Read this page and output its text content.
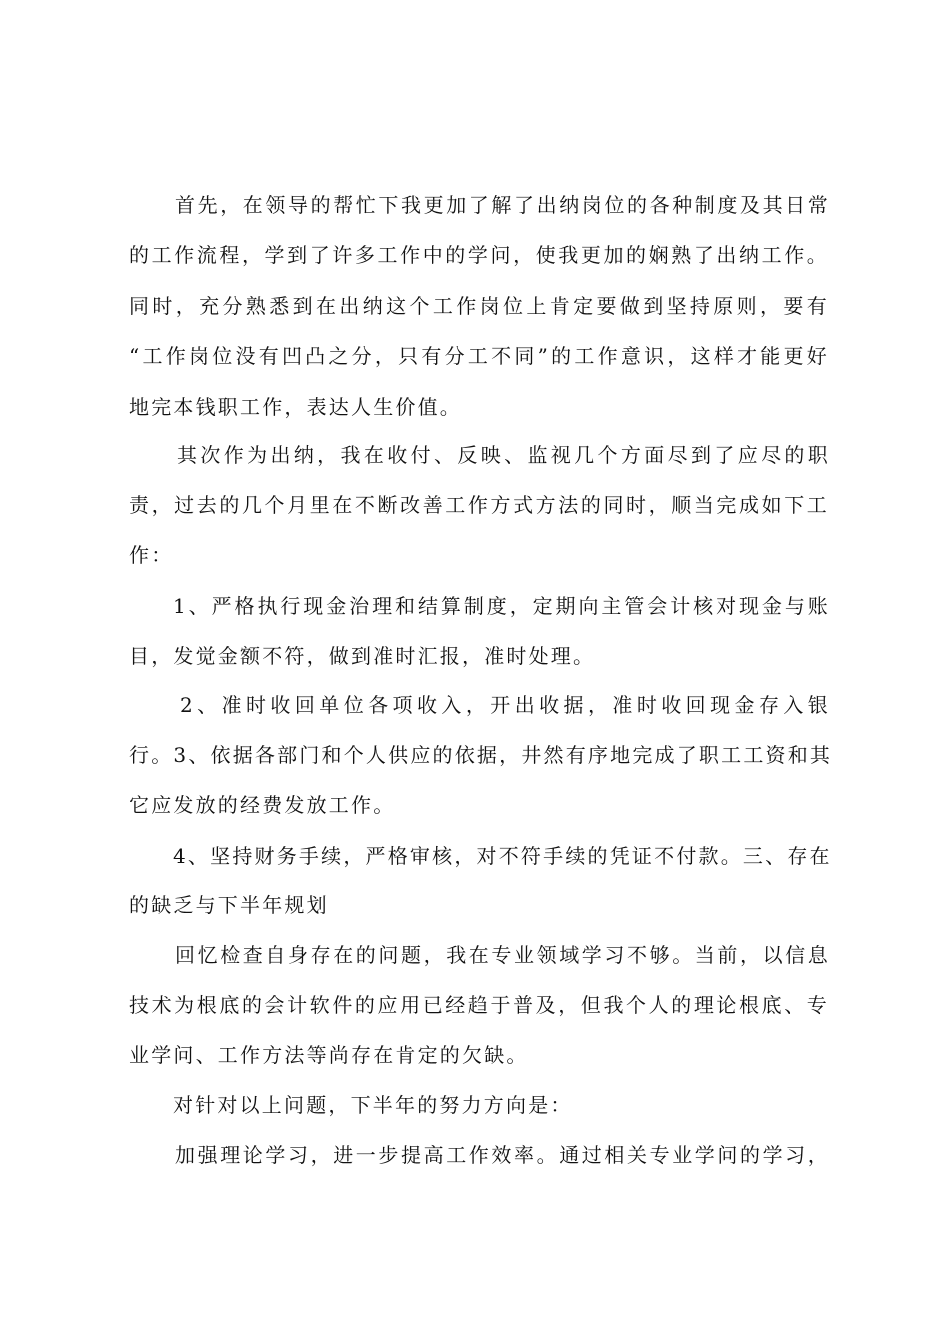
首先，在领导的帮忙下我更加了解了出纳岗位的各种制度及其日常
的工作流程，学到了许多工作中的学问，使我更加的娴熟了出纳工作。
同时，充分熟悉到在出纳这个工作岗位上肯定要做到坚持原则，要有
“工作岗位没有凹凸之分，只有分工不同”的工作意识，这样才能更好
地完本钱职工作，表达人生价值。
其次作为出纳，我在收付、反映、监视几个方面尽到了应尽的职
责，过去的几个月里在不断改善工作方式方法的同时，顺当完成如下工
作：
1、严格执行现金治理和结算制度，定期向主管会计核对现金与账
目，发觉金额不符，做到准时汇报，准时处理。
2、准时收回单位各项收入，开出收据，准时收回现金存入银
行。3、依据各部门和个人供应的依据，井然有序地完成了职工工资和其
它应发放的经费发放工作。
4、坚持财务手续，严格审核，对不符手续的凭证不付款。三、存在
的缺乏与下半年规划
回忆检查自身存在的问题，我在专业领域学习不够。当前，以信息
技术为根底的会计软件的应用已经趋于普及，但我个人的理论根底、专
业学问、工作方法等尚存在肯定的欠缺。
对针对以上问题，下半年的努力方向是：
加强理论学习，进一步提高工作效率。通过相关专业学问的学习，
